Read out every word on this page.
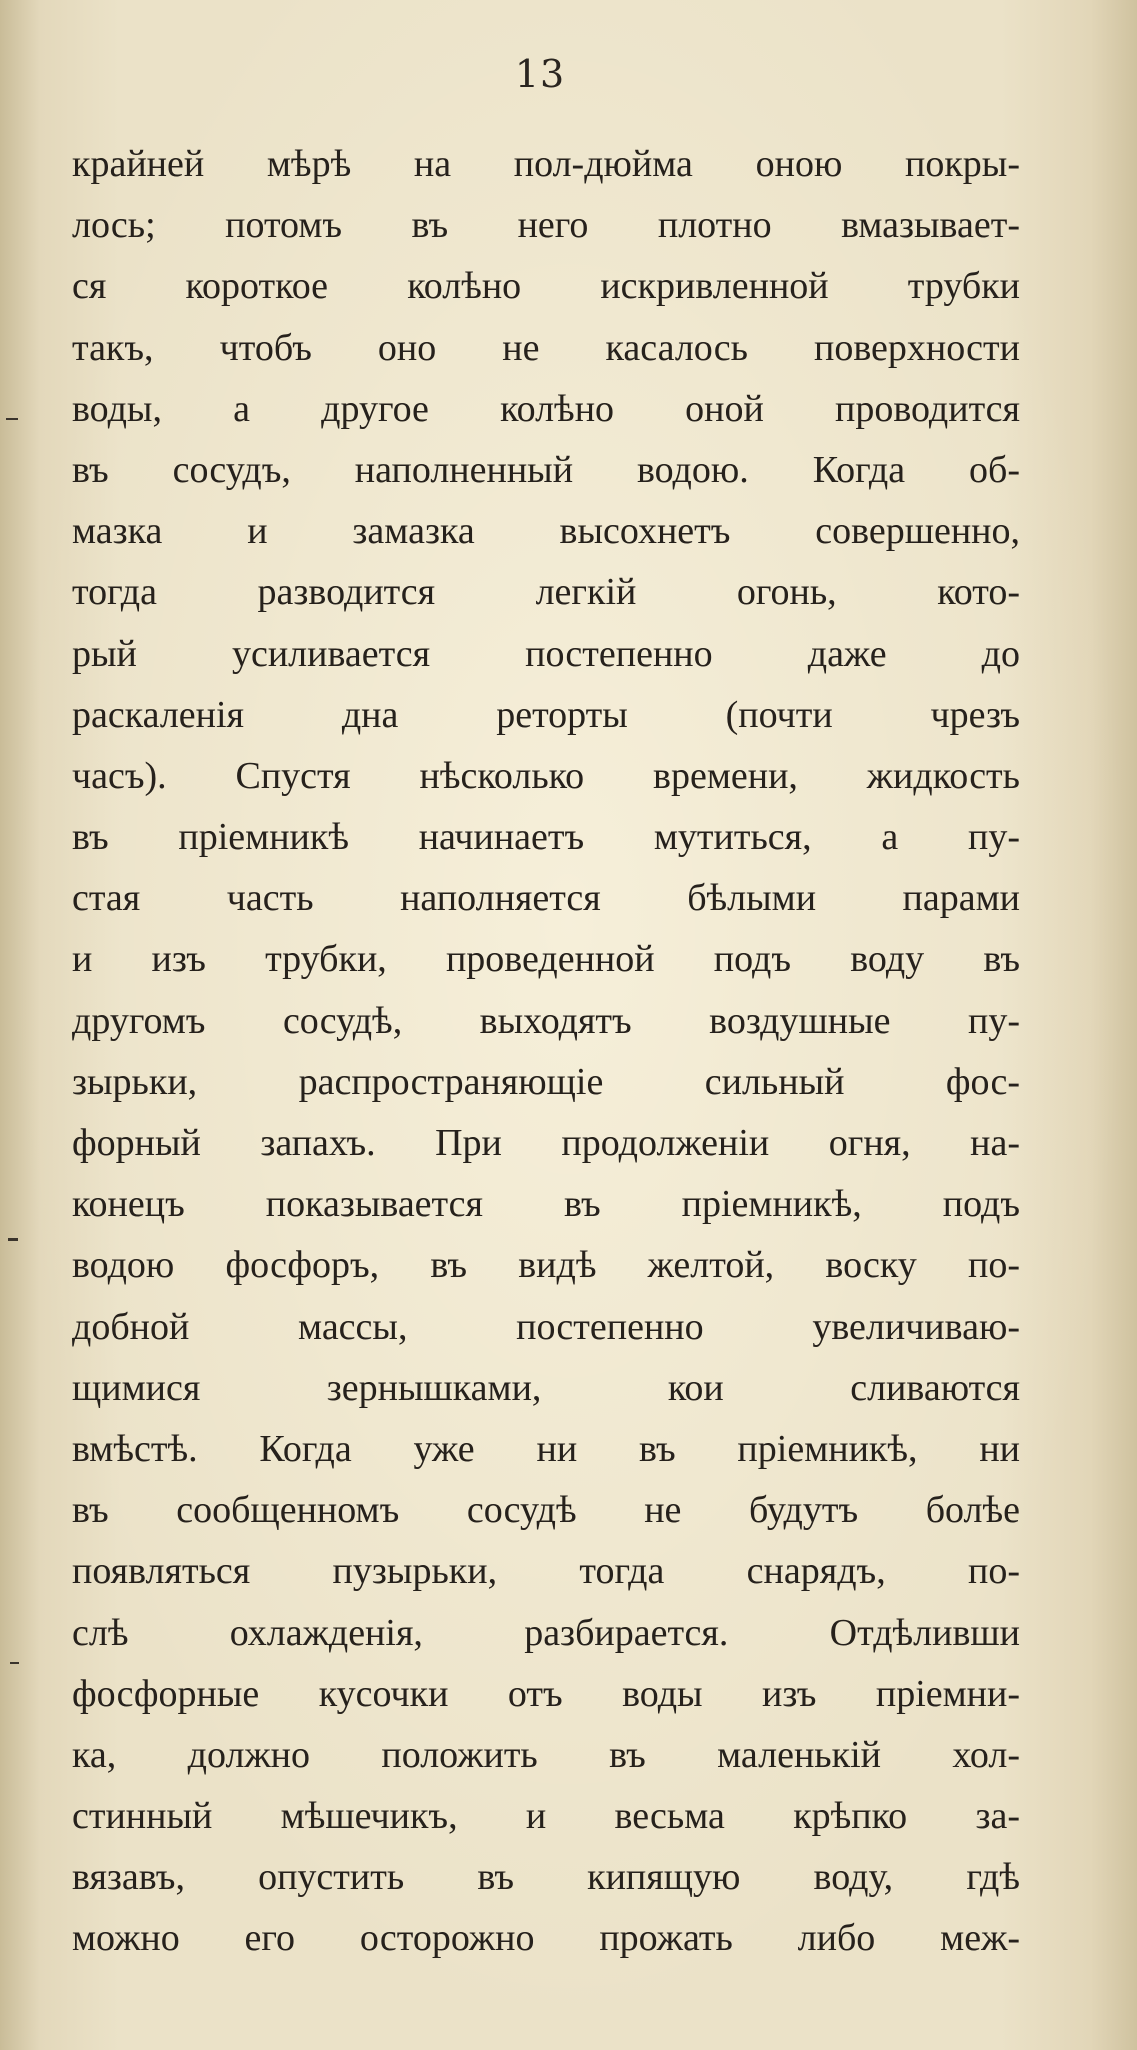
13
крайней мѣрѣ на пол-дюйма оною покры-
лось; потомъ въ него плотно вмазывает-
ся короткое колѣно искривленной трубки
такъ, чтобъ оно не касалось поверхности
воды, а другое колѣно оной проводится
въ сосудъ, наполненный водою. Когда об-
мазка и замазка высохнетъ совершенно,
тогда разводится легкій огонь, кото-
рый усиливается постепенно даже до
раскаленія дна реторты (почти чрезъ
часъ). Спустя нѣсколько времени, жидкость
въ пріемникѣ начинаетъ мутиться, а пу-
стая часть наполняется бѣлыми парами
и изъ трубки, проведенной подъ воду въ
другомъ сосудѣ, выходятъ воздушные пу-
зырьки, распространяющіе сильный фос-
форный запахъ. При продолженіи огня, на-
конецъ показывается въ пріемникѣ, подъ
водою фосфоръ, въ видѣ желтой, воску по-
добной массы, постепенно увеличиваю-
щимися зернышками, кои сливаются
вмѣстѣ. Когда уже ни въ пріемникѣ, ни
въ сообщенномъ сосудѣ не будутъ болѣе
появляться пузырьки, тогда снарядъ, по-
слѣ охлажденія, разбирается. Отдѣливши
фосфорные кусочки отъ воды изъ пріемни-
ка, должно положить въ маленькій хол-
стинный мѣшечикъ, и весьма крѣпко за-
вязавъ, опустить въ кипящую воду, гдѣ
можно его осторожно прожать либо меж-
